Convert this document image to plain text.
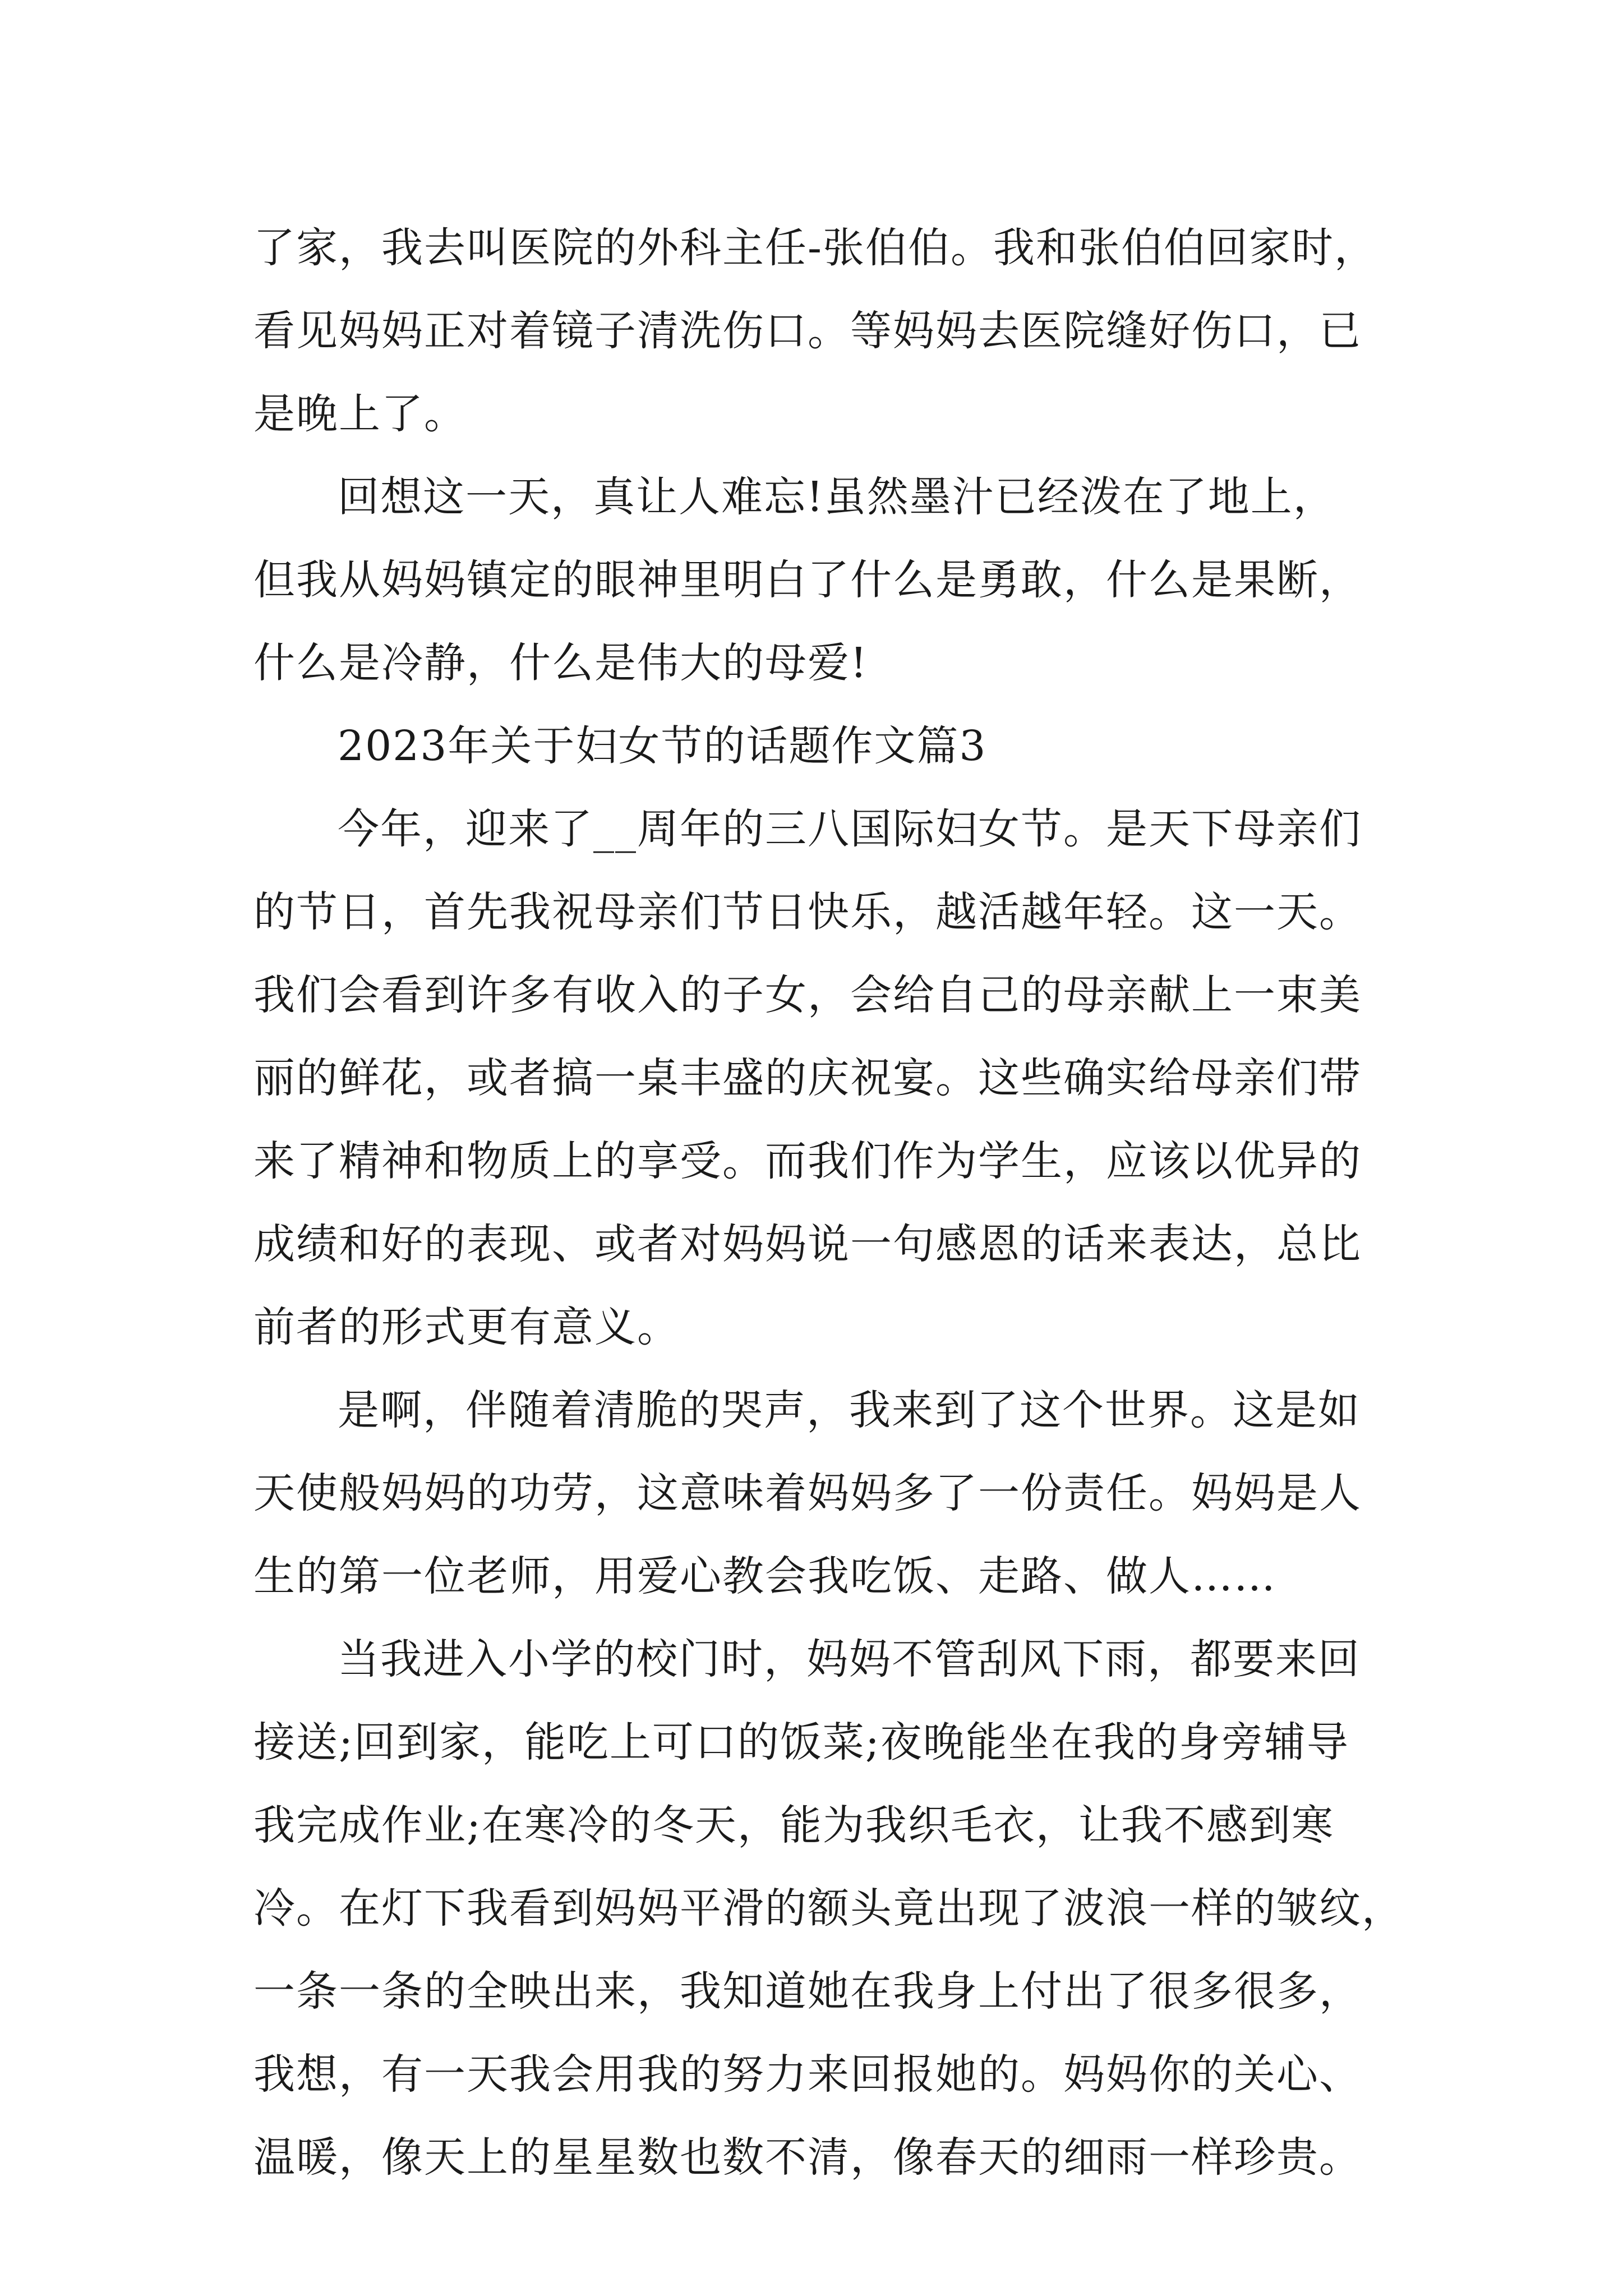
了家，我去叫医院的外科主任-张伯伯。我和张伯伯回家时，
看见妈妈正对着镜子清洗伤口。等妈妈去医院缝好伤口，已
是晚上了。
回想这一天，真让人难忘!虽然墨汁已经泼在了地上，
但我从妈妈镇定的眼神里明白了什么是勇敢，什么是果断，
什么是冷静，什么是伟大的母爱!
2023年关于妇女节的话题作文篇3
今年，迎来了__周年的三八国际妇女节。是天下母亲们
的节日，首先我祝母亲们节日快乐，越活越年轻。这一天。
我们会看到许多有收入的子女，会给自己的母亲献上一束美
丽的鲜花，或者搞一桌丰盛的庆祝宴。这些确实给母亲们带
来了精神和物质上的享受。而我们作为学生，应该以优异的
成绩和好的表现、或者对妈妈说一句感恩的话来表达，总比
前者的形式更有意义。
是啊，伴随着清脆的哭声，我来到了这个世界。这是如
天使般妈妈的功劳，这意味着妈妈多了一份责任。妈妈是人
生的第一位老师，用爱心教会我吃饭、走路、做人……
当我进入小学的校门时，妈妈不管刮风下雨，都要来回
接送;回到家，能吃上可口的饭菜;夜晚能坐在我的身旁辅导
我完成作业;在寒冷的冬天，能为我织毛衣，让我不感到寒
冷。在灯下我看到妈妈平滑的额头竟出现了波浪一样的皱纹，
一条一条的全映出来，我知道她在我身上付出了很多很多，
我想，有一天我会用我的努力来回报她的。妈妈你的关心、
温暖，像天上的星星数也数不清，像春天的细雨一样珍贵。
